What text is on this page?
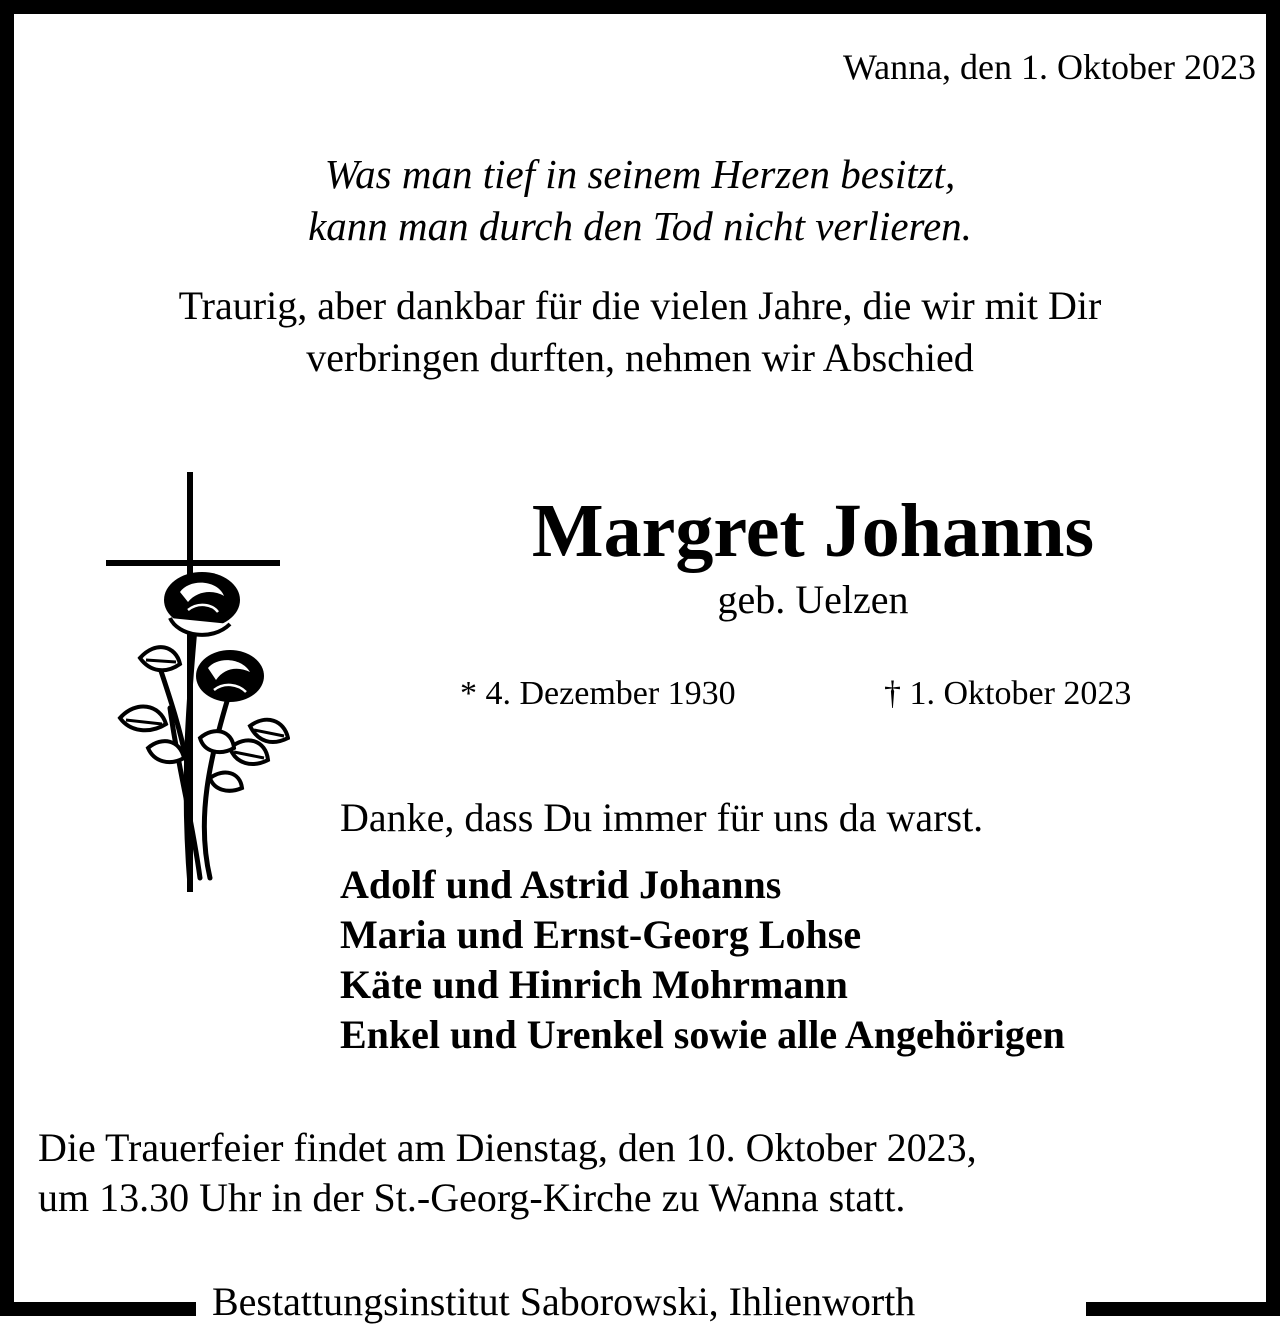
Wanna, den 1. Oktober 2023
Was man tief in seinem Herzen besitzt,
kann man durch den Tod nicht verlieren.
Traurig, aber dankbar für die vielen Jahre, die wir mit Dir
verbringen durften, nehmen wir Abschied
Margret Johanns
geb. Uelzen
* 4. Dezember 1930	† 1. Oktober 2023
Danke, dass Du immer für uns da warst.
Adolf und Astrid Johanns
Maria und Ernst-Georg Lohse
Käte und Hinrich Mohrmann
Enkel und Urenkel sowie alle Angehörigen
Die Trauerfeier findet am Dienstag, den 10. Oktober 2023,
um 13.30 Uhr in der St.-Georg-Kirche zu Wanna statt.
Bestattungsinstitut Saborowski, Ihlienworth
